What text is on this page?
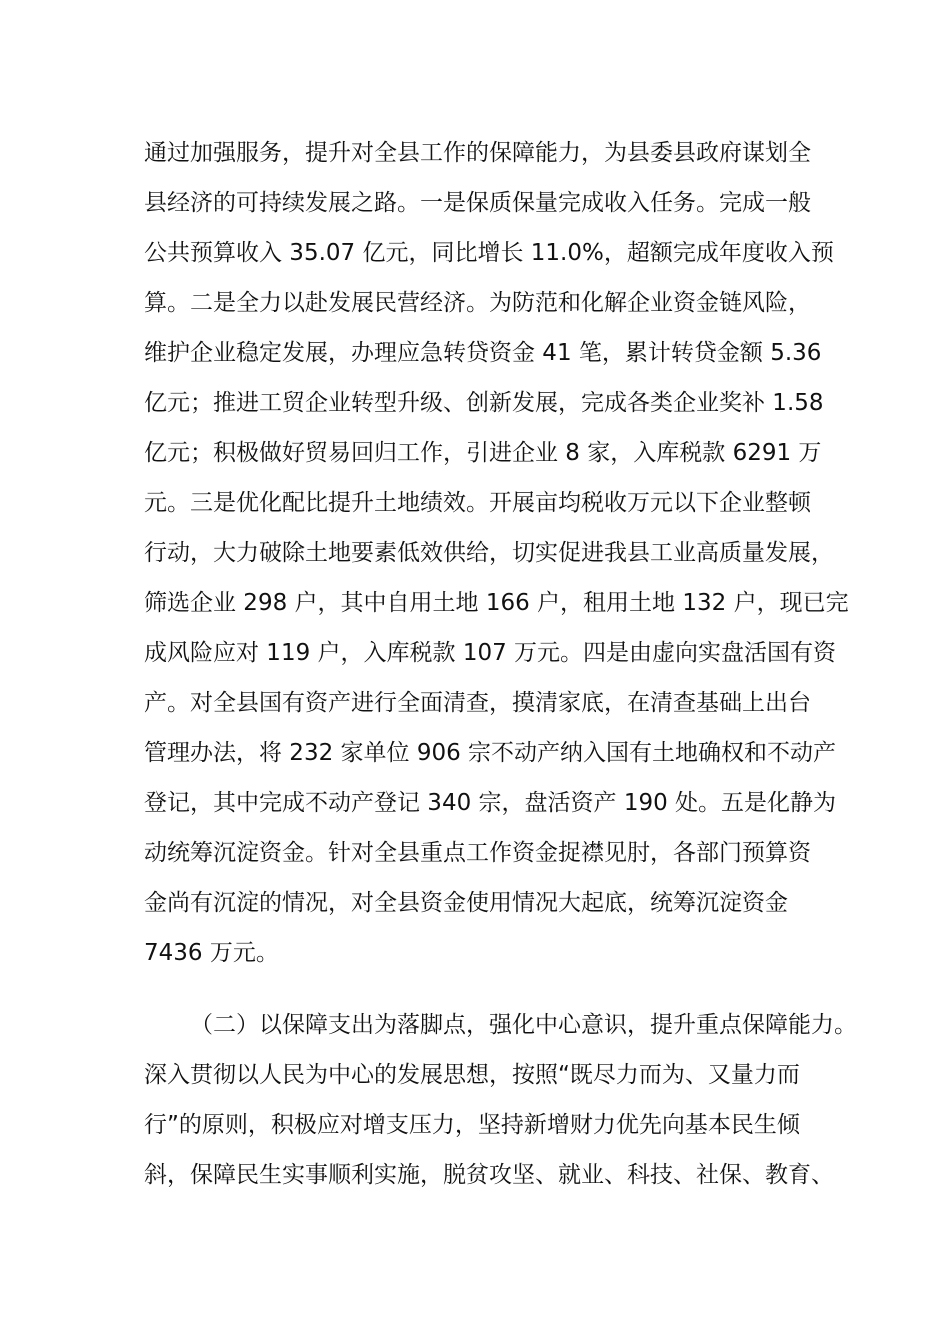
通过加强服务，提升对全县工作的保障能力，为县委县政府谋划全
县经济的可持续发展之路。一是保质保量完成收入任务。完成一般
公共预算收入 35.07 亿元，同比增长 11.0%，超额完成年度收入预
算。二是全力以赴发展民营经济。为防范和化解企业资金链风险，
维护企业稳定发展，办理应急转贷资金 41 笔，累计转贷金额 5.36
亿元；推进工贸企业转型升级、创新发展，完成各类企业奖补 1.58
亿元；积极做好贸易回归工作，引进企业 8 家，入库税款 6291 万
元。三是优化配比提升土地绩效。开展亩均税收万元以下企业整顿
行动，大力破除土地要素低效供给，切实促进我县工业高质量发展，
筛选企业 298 户，其中自用土地 166 户，租用土地 132 户，现已完
成风险应对 119 户，入库税款 107 万元。四是由虚向实盘活国有资
产。对全县国有资产进行全面清查，摸清家底，在清查基础上出台
管理办法，将 232 家单位 906 宗不动产纳入国有土地确权和不动产
登记，其中完成不动产登记 340 宗，盘活资产 190 处。五是化静为
动统筹沉淀资金。针对全县重点工作资金捉襟见肘，各部门预算资
金尚有沉淀的情况，对全县资金使用情况大起底，统筹沉淀资金
7436 万元。
（二）以保障支出为落脚点，强化中心意识，提升重点保障能力。
深入贯彻以人民为中心的发展思想，按照“既尽力而为、又量力而
行”的原则，积极应对增支压力，坚持新增财力优先向基本民生倾
斜，保障民生实事顺利实施，脱贫攻坚、就业、科技、社保、教育、
